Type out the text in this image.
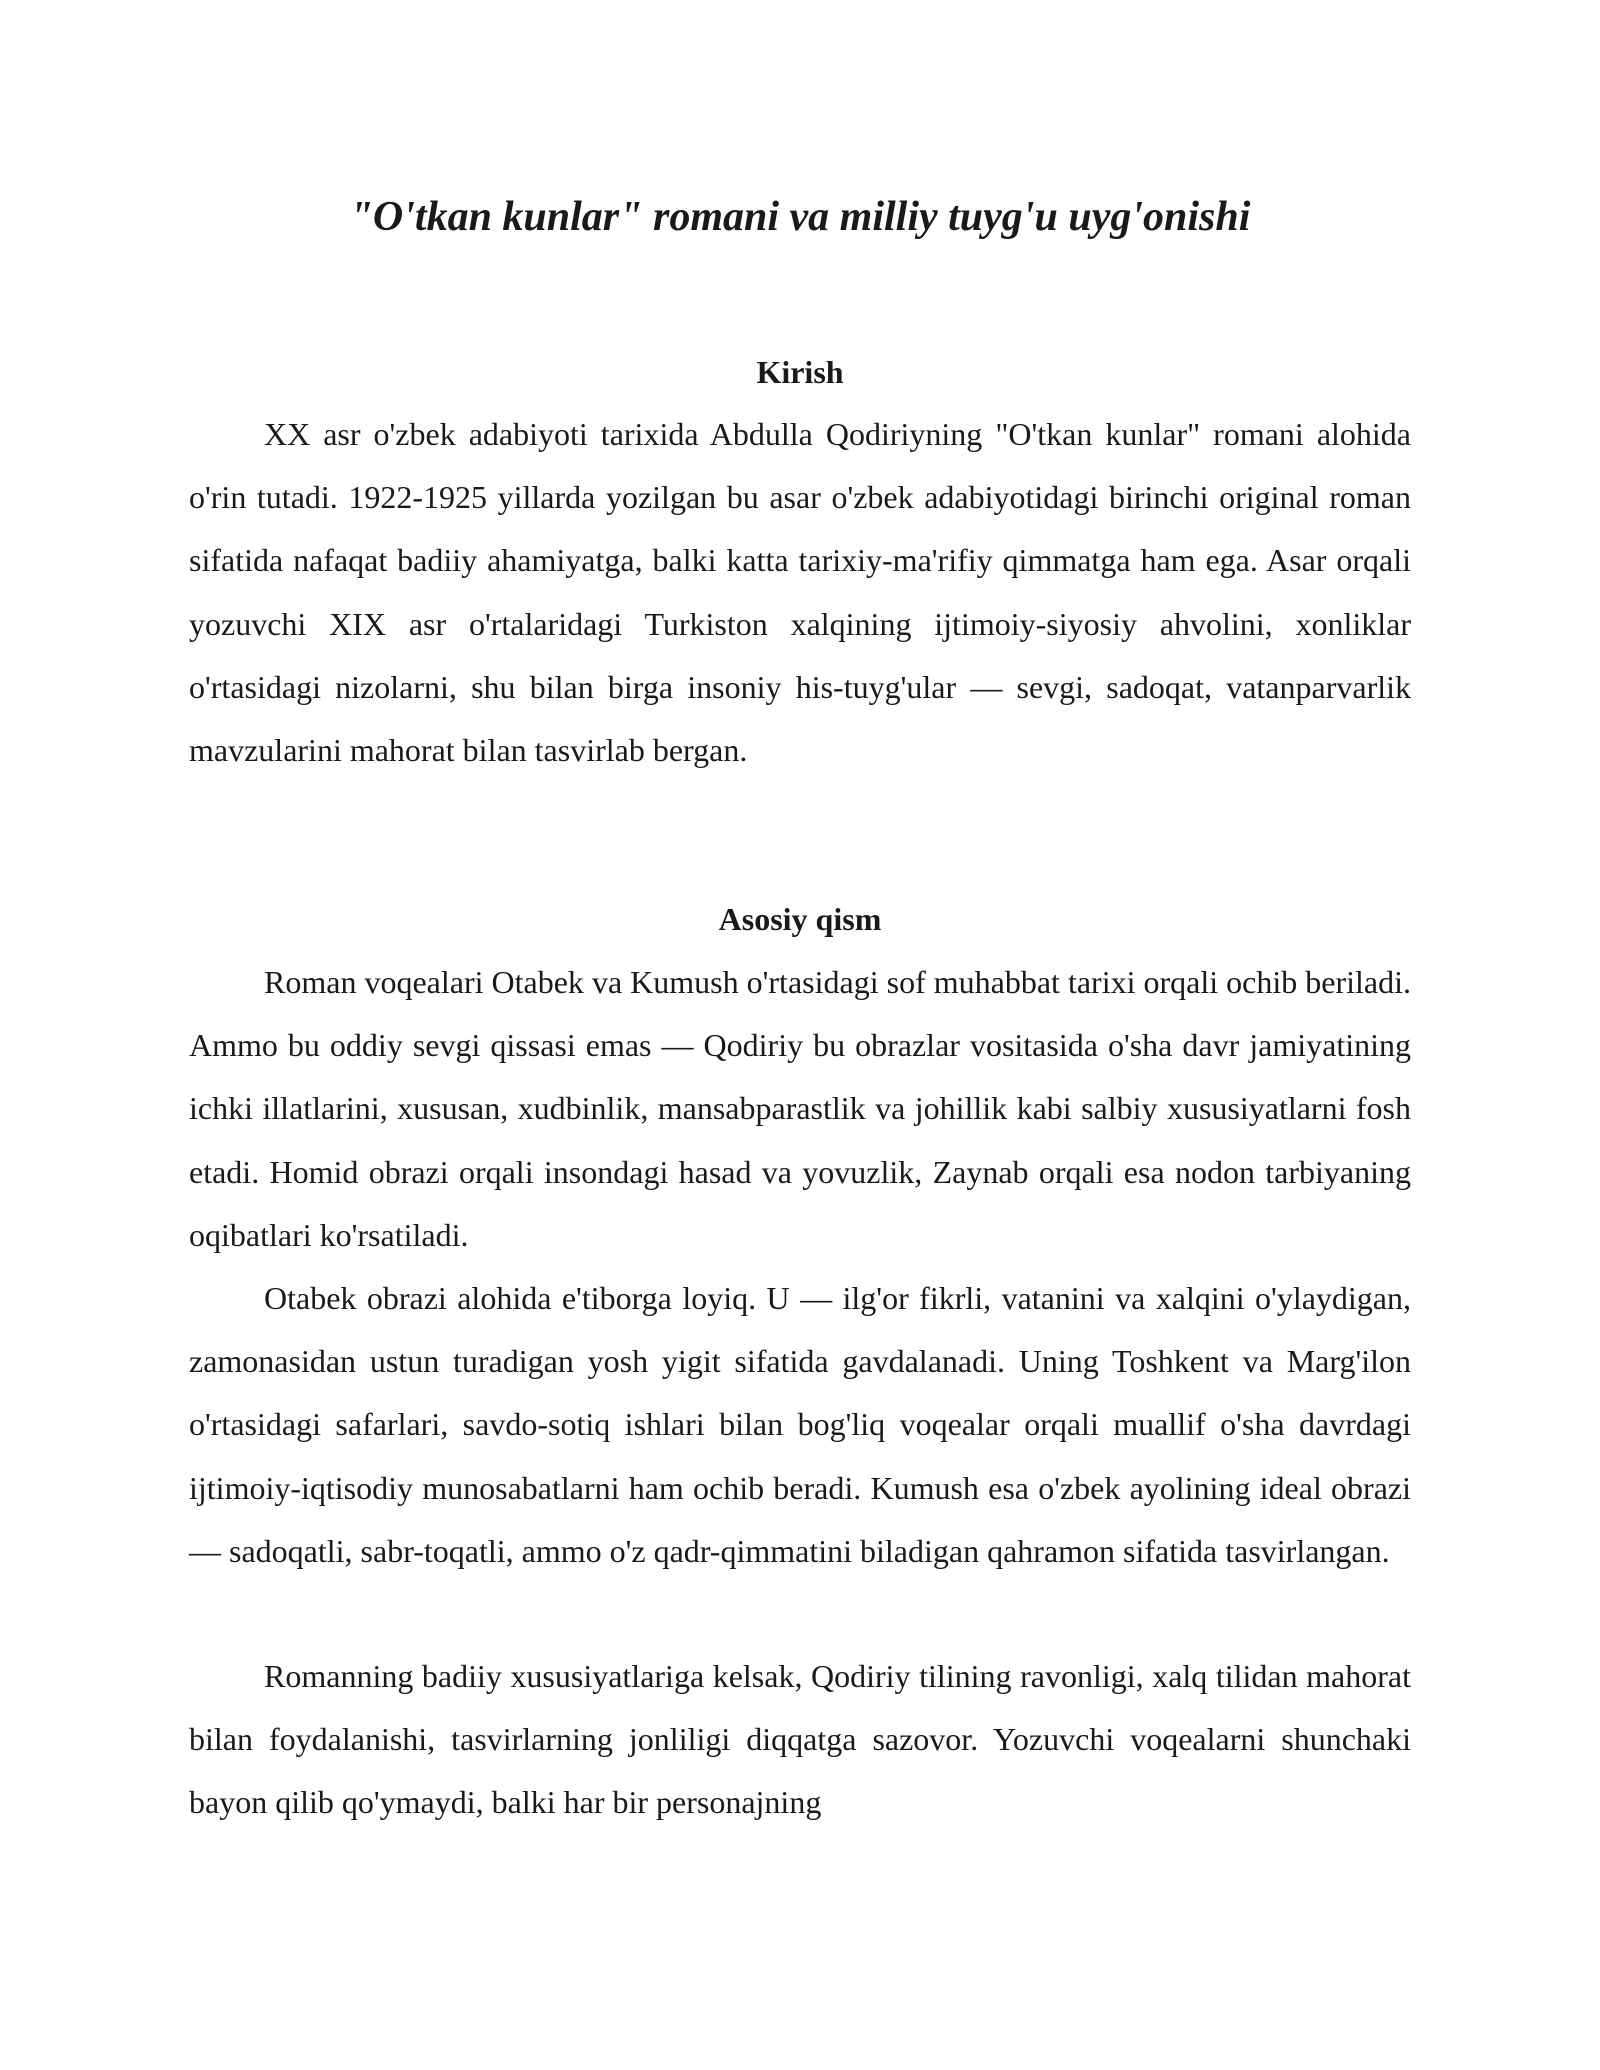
"O'tkan kunlar" romani va milliy tuyg'u uyg'onishi
Kirish

XX asr o'zbek adabiyoti tarixida Abdulla Qodiriyning "O'tkan kunlar" romani alohida o'rin tutadi. 1922-1925 yillarda yozilgan bu asar o'zbek adabiyotidagi birinchi original roman sifatida nafaqat badiiy ahamiyatga, balki katta tarixiy-ma'rifiy qimmatga ham ega. Asar orqali yozuvchi XIX asr o'rtalaridagi Turkiston xalqining ijtimoiy-siyosiy ahvolini, xonliklar o'rtasidagi nizolarni, shu bilan birga insoniy his-tuyg'ular — sevgi, sadoqat, vatanparvarlik mavzularini mahorat bilan tasvirlab bergan.

Asosiy qism

Roman voqealari Otabek va Kumush o'rtasidagi sof muhabbat tarixi orqali ochib beriladi. Ammo bu oddiy sevgi qissasi emas — Qodiriy bu obrazlar vositasida o'sha davr jamiyatining ichki illatlarini, xususan, xudbinlik, mansabparastlik va johillik kabi salbiy xususiyatlarni fosh etadi. Homid obrazi orqali insondagi hasad va yovuzlik, Zaynab orqali esa nodon tarbiyaning oqibatlari ko'rsatiladi.

Otabek obrazi alohida e'tiborga loyiq. U — ilg'or fikrli, vatanini va xalqini o'ylaydigan, zamonasidan ustun turadigan yosh yigit sifatida gavdalanadi. Uning Toshkent va Marg'ilon o'rtasidagi safarlari, savdo-sotiq ishlari bilan bog'liq voqealar orqali muallif o'sha davrdagi ijtimoiy-iqtisodiy munosabatlarni ham ochib beradi. Kumush esa o'zbek ayolining ideal obrazi — sadoqatli, sabr-toqatli, ammo o'z qadr-qimmatini biladigan qahramon sifatida tasvirlangan.

Romanning badiiy xususiyatlariga kelsak, Qodiriy tilining ravonligi, xalq tilidan mahorat bilan foydalanishi, tasvirlarning jonliligi diqqatga sazovor. Yozuvchi voqealarni shunchaki bayon qilib qo'ymaydi, balki har bir personajning
